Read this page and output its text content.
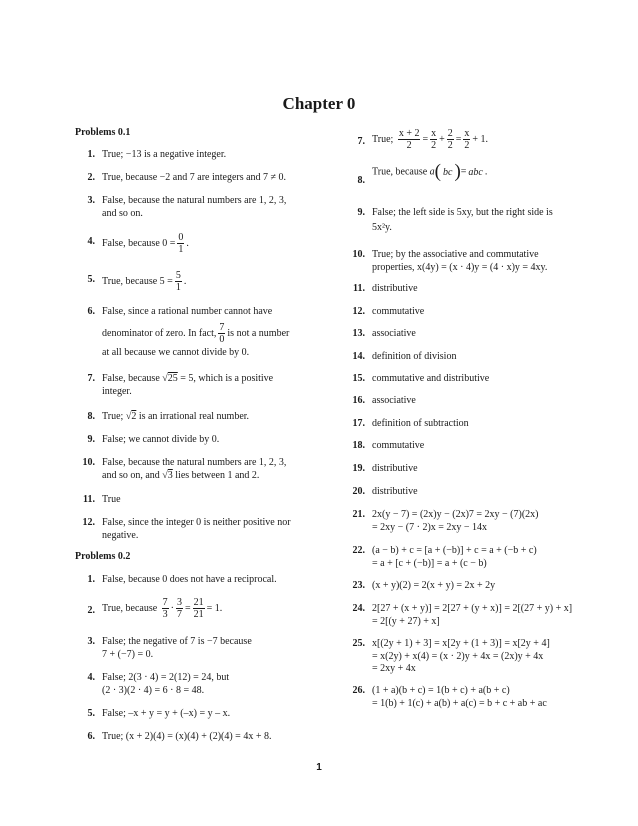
Chapter 0
Problems 0.1
1. True; −13 is a negative integer.
2. True, because −2 and 7 are integers and 7 ≠ 0.
3. False, because the natural numbers are 1, 2, 3,
and so on.
4. False, because $0 = \frac{0}{1}$ .
5. True, because $5 = \frac{5}{1}$ .
6. False, since a rational number cannot have
denominator of zero. In fact, $\frac{7}{0}$ is not a number
at all because we cannot divide by 0.
7. False, because √25 = 5, which is a positive
integer.
8. True; √2 is an irrational real number.
9. False; we cannot divide by 0.
10. False, because the natural numbers are 1, 2, 3,
and so on, and √3 lies between 1 and 2.
11. True
12. False, since the integer 0 is neither positive nor
negative.
Problems 0.2
1. False, because 0 does not have a reciprocal.
2. True, because $\frac{7}{3} \cdot \frac{3}{7} = \frac{21}{21} = 1$.
3. False; the negative of 7 is −7 because
7 + (−7) = 0.
4. False; 2(3 · 4) = 2(12) = 24, but
(2 · 3)(2 · 4) = 6 · 8 = 48.
5. False; –x + y = y + (–x) = y – x.
6. True; (x + 2)(4) = (x)(4) + (2)(4) = 4x + 8.
7. True; $\frac{x + 2}{2} = \frac{x}{2} + \frac{2}{2} = \frac{x}{2} + 1$.
8.
True, because a( bc )= abc .
9. False; the left side is 5xy, but the right side is
5x²y.
10. True; by the associative and commutative
properties, x(4y) = (x · 4)y = (4 · x)y = 4xy.
11. distributive
12. commutative
13. associative
14. definition of division
15. commutative and distributive
16. associative
17. definition of subtraction
18. commutative
19. distributive
20. distributive
21. 2x(y − 7) = (2x)y − (2x)7 = 2xy − (7)(2x)
= 2xy − (7 · 2)x = 2xy − 14x
22. (a − b) + c = [a + (−b)] + c = a + (−b + c)
= a + [c + (−b)] = a + (c − b)
23. (x + y)(2) = 2(x + y) = 2x + 2y
24. 2[27 + (x + y)] = 2[27 + (y + x)] = 2[(27 + y) + x]
= 2[(y + 27) + x]
25. x[(2y + 1) + 3] = x[2y + (1 + 3)] = x[2y + 4]
= x(2y) + x(4) = (x · 2)y + 4x = (2x)y + 4x
= 2xy + 4x
26. (1 + a)(b + c) = 1(b + c) + a(b + c)
= 1(b) + 1(c) + a(b) + a(c) = b + c + ab + ac
1
